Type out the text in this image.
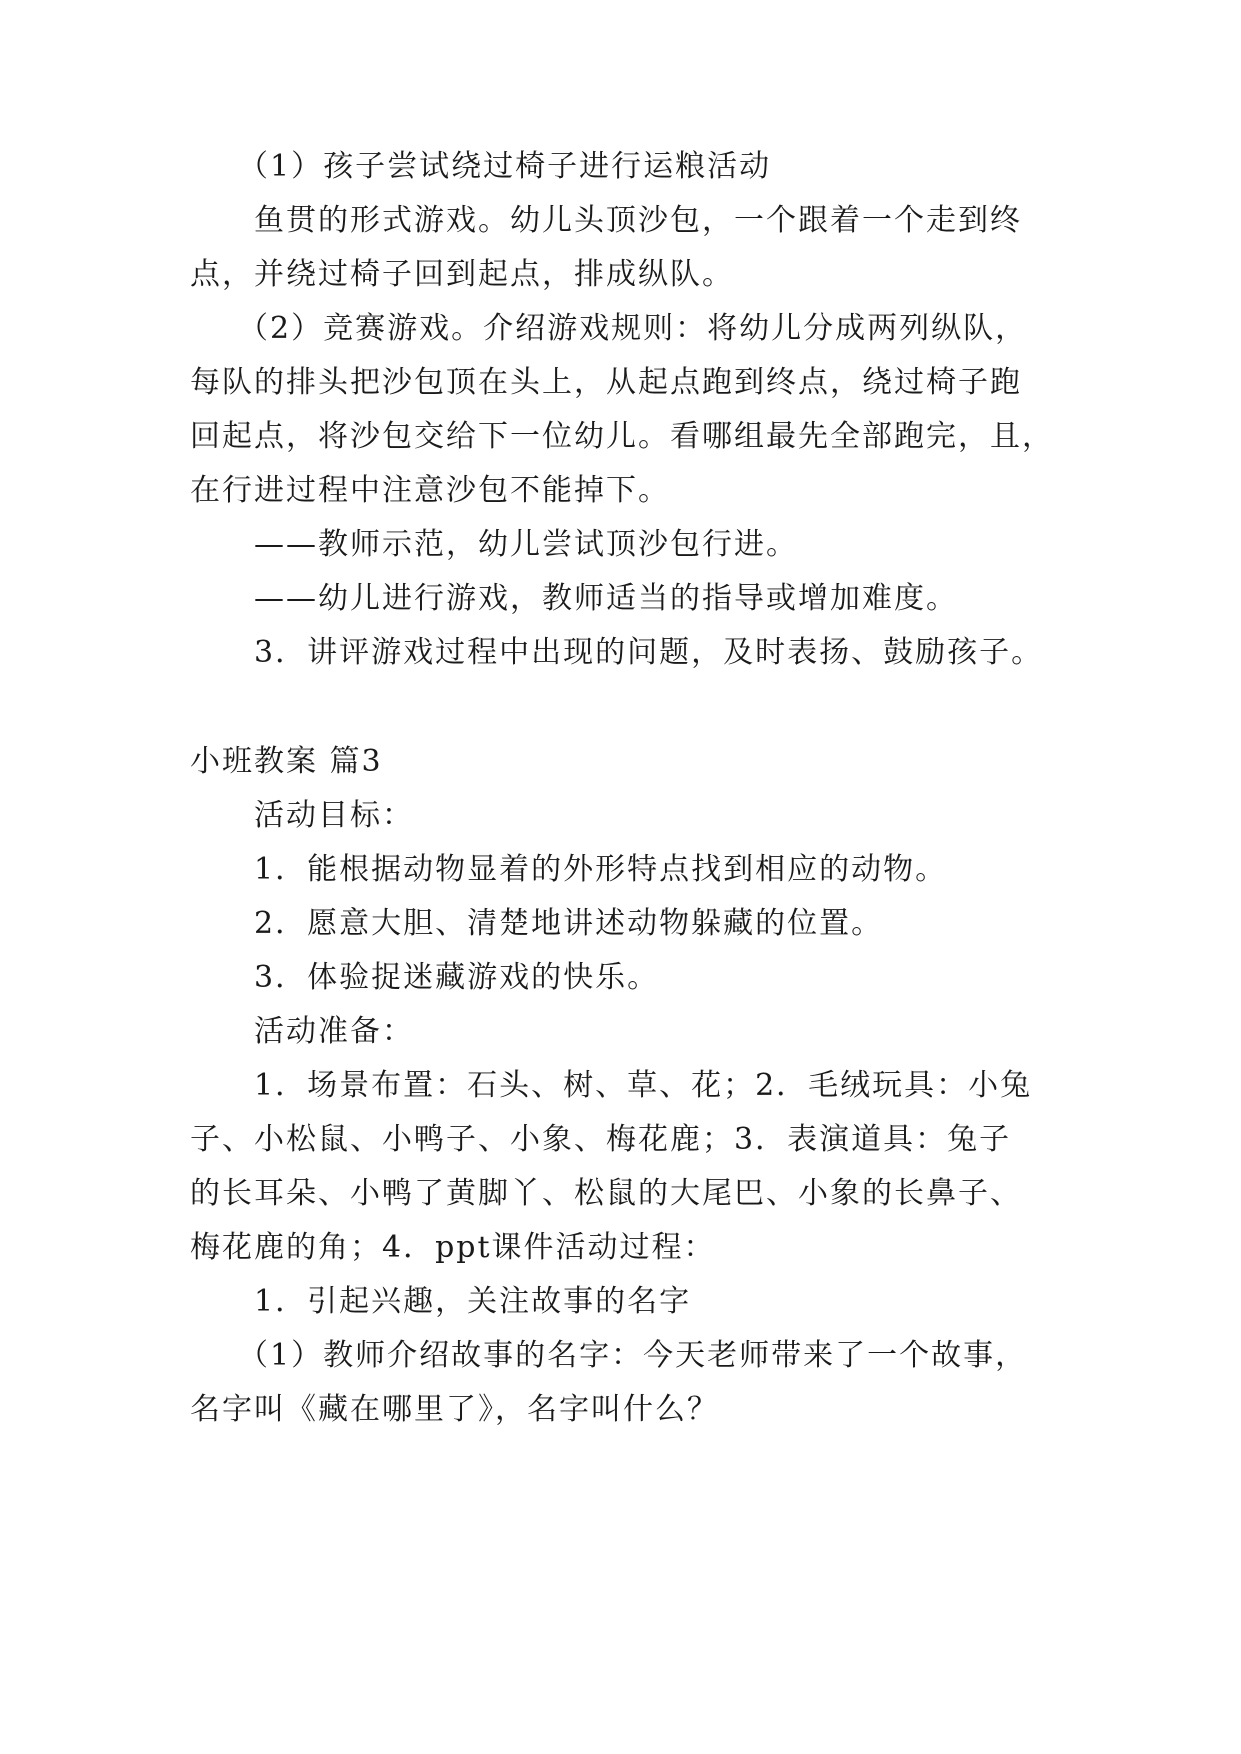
（1）孩子尝试绕过椅子进行运粮活动
鱼贯的形式游戏。幼儿头顶沙包，一个跟着一个走到终
点，并绕过椅子回到起点，排成纵队。
（2）竞赛游戏。介绍游戏规则：将幼儿分成两列纵队，
每队的排头把沙包顶在头上，从起点跑到终点，绕过椅子跑
回起点，将沙包交给下一位幼儿。看哪组最先全部跑完，且，
在行进过程中注意沙包不能掉下。
——教师示范，幼儿尝试顶沙包行进。
——幼儿进行游戏，教师适当的指导或增加难度。
3．讲评游戏过程中出现的问题，及时表扬、鼓励孩子。
小班教案 篇3
活动目标：
1．能根据动物显着的外形特点找到相应的动物。
2．愿意大胆、清楚地讲述动物躲藏的位置。
3．体验捉迷藏游戏的快乐。
活动准备：
1．场景布置：石头、树、草、花；2．毛绒玩具：小兔
子、小松鼠、小鸭子、小象、梅花鹿；3．表演道具：兔子
的长耳朵、小鸭了黄脚丫、松鼠的大尾巴、小象的长鼻子、
梅花鹿的角；4．ppt课件活动过程：
1．引起兴趣，关注故事的名字
（1）教师介绍故事的名字：今天老师带来了一个故事，
名字叫《藏在哪里了》，名字叫什么？
